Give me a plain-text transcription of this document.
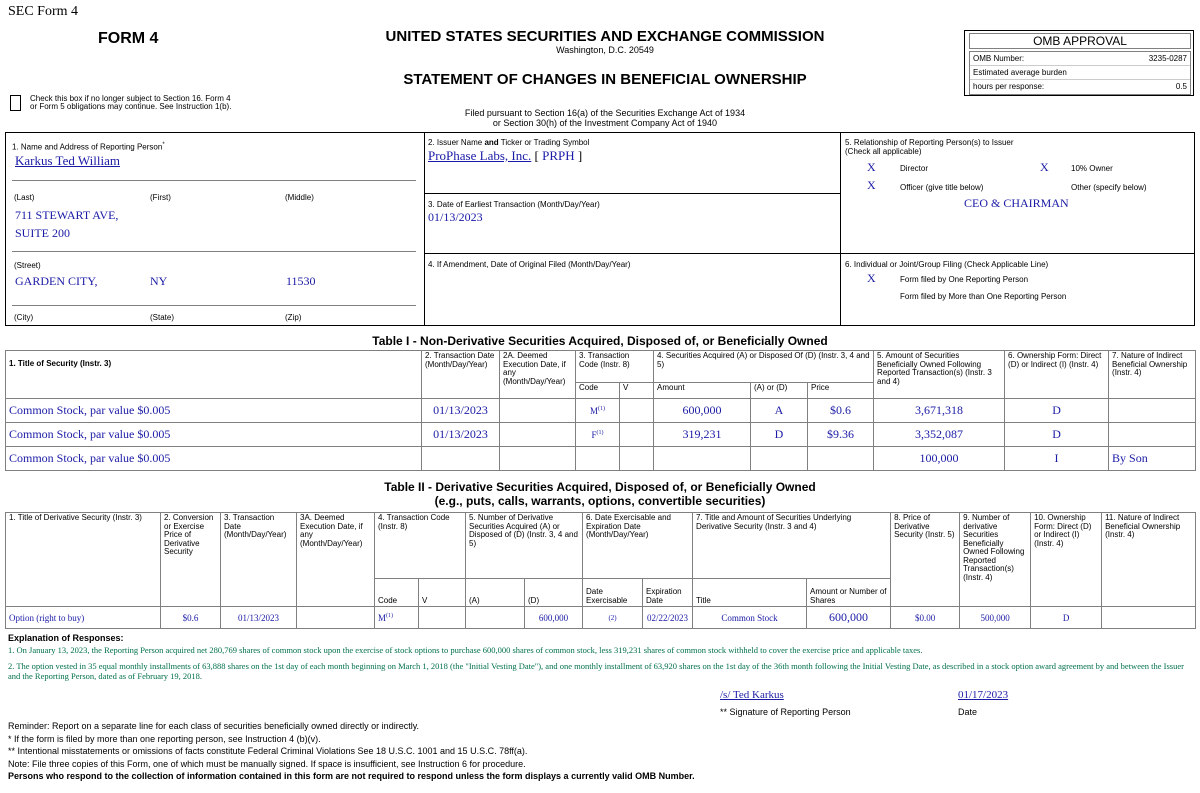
SEC Form 4
FORM 4	UNITED STATES SECURITIES AND EXCHANGE COMMISSION
Washington, D.C. 20549
STATEMENT OF CHANGES IN BENEFICIAL OWNERSHIP
Filed pursuant to Section 16(a) of the Securities Exchange Act of 1934
or Section 30(h) of the Investment Company Act of 1940
Check this box if no longer subject to Section 16. Form 4
or Form 5 obligations may continue. See Instruction 1(b).
OMB APPROVAL
OMB Number:	3235-0287
Estimated average burden
hours per response:	0.5
1. Name and Address of Reporting Person*
Karkus Ted William
(Last)	(First)	(Middle)
711 STEWART AVE,
SUITE 200
(Street)
GARDEN CITY,	NY	11530
(City)	(State)	(Zip)
2. Issuer Name and Ticker or Trading Symbol
ProPhase Labs, Inc. [ PRPH ]
3. Date of Earliest Transaction (Month/Day/Year)
01/13/2023
4. If Amendment, Date of Original Filed (Month/Day/Year)
5. Relationship of Reporting Person(s) to Issuer
(Check all applicable)
X	Director	X	10% Owner
X	Officer (give title below)	Other (specify below)
CEO & CHAIRMAN
6. Individual or Joint/Group Filing (Check Applicable Line)
X	Form filed by One Reporting Person
Form filed by More than One Reporting Person
Table I - Non-Derivative Securities Acquired, Disposed of, or Beneficially Owned
1. Title of Security (Instr. 3)	2. Transaction Date (Month/Day/Year)	2A. Deemed Execution Date, if any (Month/Day/Year)	3. Transaction Code (Instr. 8)		4. Securities Acquired (A) or Disposed Of (D) (Instr. 3, 4 and 5)			5. Amount of Securities Beneficially Owned Following Reported Transaction(s) (Instr. 3 and 4)	6. Ownership Form: Direct (D) or Indirect (I) (Instr. 4)	7. Nature of Indirect Beneficial Ownership (Instr. 4)
			Code	V	Amount	(A) or (D)	Price			
Common Stock, par value $0.005	01/13/2023		$M^{(1)}$		600,000	A	$0.6	3,671,318	D	
Common Stock, par value $0.005	01/13/2023		$F^{(1)}$		319,231	D	$9.36	3,352,087	D	
Common Stock, par value $0.005								100,000	I	By Son
Table II - Derivative Securities Acquired, Disposed of, or Beneficially Owned
(e.g., puts, calls, warrants, options, convertible securities)
1. Title of Derivative Security (Instr. 3)	2. Conversion or Exercise Price of Derivative Security	3. Transaction Date (Month/Day/Year)	3A. Deemed Execution Date, if any (Month/Day/Year)	4. Transaction Code (Instr. 8)		5. Number of Derivative Securities Acquired (A) or Disposed of (D) (Instr. 3, 4 and 5)		6. Date Exercisable and Expiration Date (Month/Day/Year)		7. Title and Amount of Securities Underlying Derivative Security (Instr. 3 and 4)		8. Price of Derivative Security (Instr. 5)	9. Number of derivative Securities Beneficially Owned Following Reported Transaction(s) (Instr. 4)	10. Ownership Form: Direct (D) or Indirect (I) (Instr. 4)	11. Nature of Indirect Beneficial Ownership (Instr. 4)
				Code	V	(A)	(D)	Date Exercisable	Expiration Date	Title	Amount or Number of Shares				
Option (right to buy)	$0.6	01/13/2023		$M^{(1)}$			600,000	(2)	02/22/2023	Common Stock	600,000	$0.00	500,000	D	
Explanation of Responses:
1. On January 13, 2023, the Reporting Person acquired net 280,769 shares of common stock upon the exercise of stock options to purchase 600,000 shares of common stock, less 319,231 shares of common stock withheld to cover the exercise price and applicable taxes.
2. The option vested in 35 equal monthly installments of 63,888 shares on the 1st day of each month beginning on March 1, 2018 (the "Initial Vesting Date"), and one monthly installment of 63,920 shares on the 1st day of the 36th month following the Initial Vesting Date, as described in a stock option award agreement by and between the Issuer and the Reporting Person, dated as of February 19, 2018.
/s/ Ted Karkus
** Signature of Reporting Person
01/17/2023
Date
Reminder: Report on a separate line for each class of securities beneficially owned directly or indirectly.
* If the form is filed by more than one reporting person, see Instruction 4 (b)(v).
** Intentional misstatements or omissions of facts constitute Federal Criminal Violations See 18 U.S.C. 1001 and 15 U.S.C. 78ff(a).
Note: File three copies of this Form, one of which must be manually signed. If space is insufficient, see Instruction 6 for procedure.
Persons who respond to the collection of information contained in this form are not required to respond unless the form displays a currently valid OMB Number.
